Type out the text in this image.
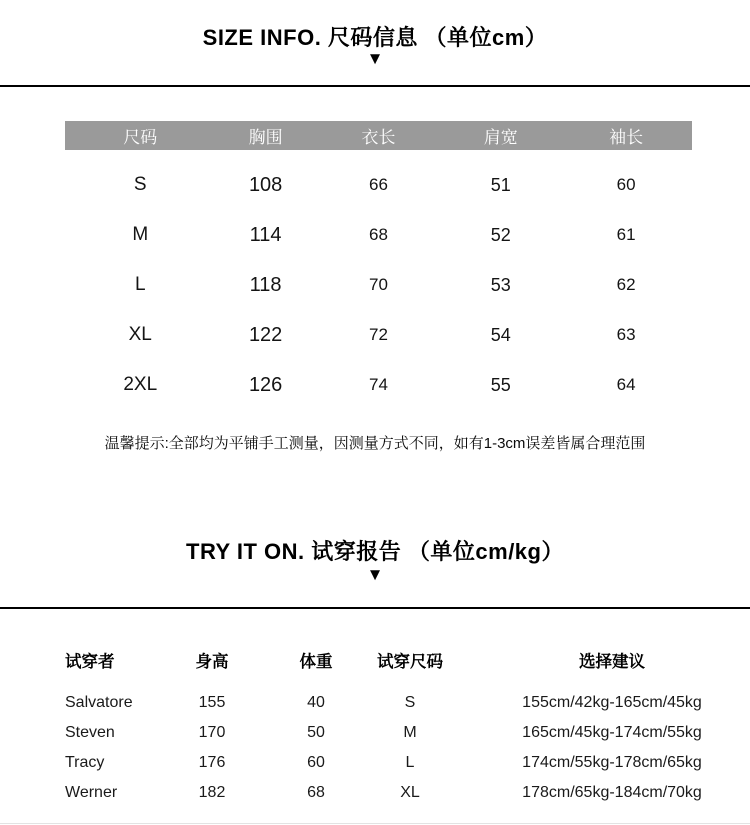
SIZE INFO. 尺码信息 （单位cm）
▼
尺码	胸围	衣长	肩宽	袖长
S	108	66	51	60
M	114	68	52	61
L	118	70	53	62
XL	122	72	54	63
2XL	126	74	55	64
温馨提示:全部均为平铺手工测量，因测量方式不同，如有1-3cm误差皆属合理范围
TRY IT ON. 试穿报告 （单位cm/kg）
▼
试穿者	身高	体重	试穿尺码	选择建议
Salvatore	155	40	S	155cm/42kg-165cm/45kg
Steven	170	50	M	165cm/45kg-174cm/55kg
Tracy	176	60	L	174cm/55kg-178cm/65kg
Werner	182	68	XL	178cm/65kg-184cm/70kg
